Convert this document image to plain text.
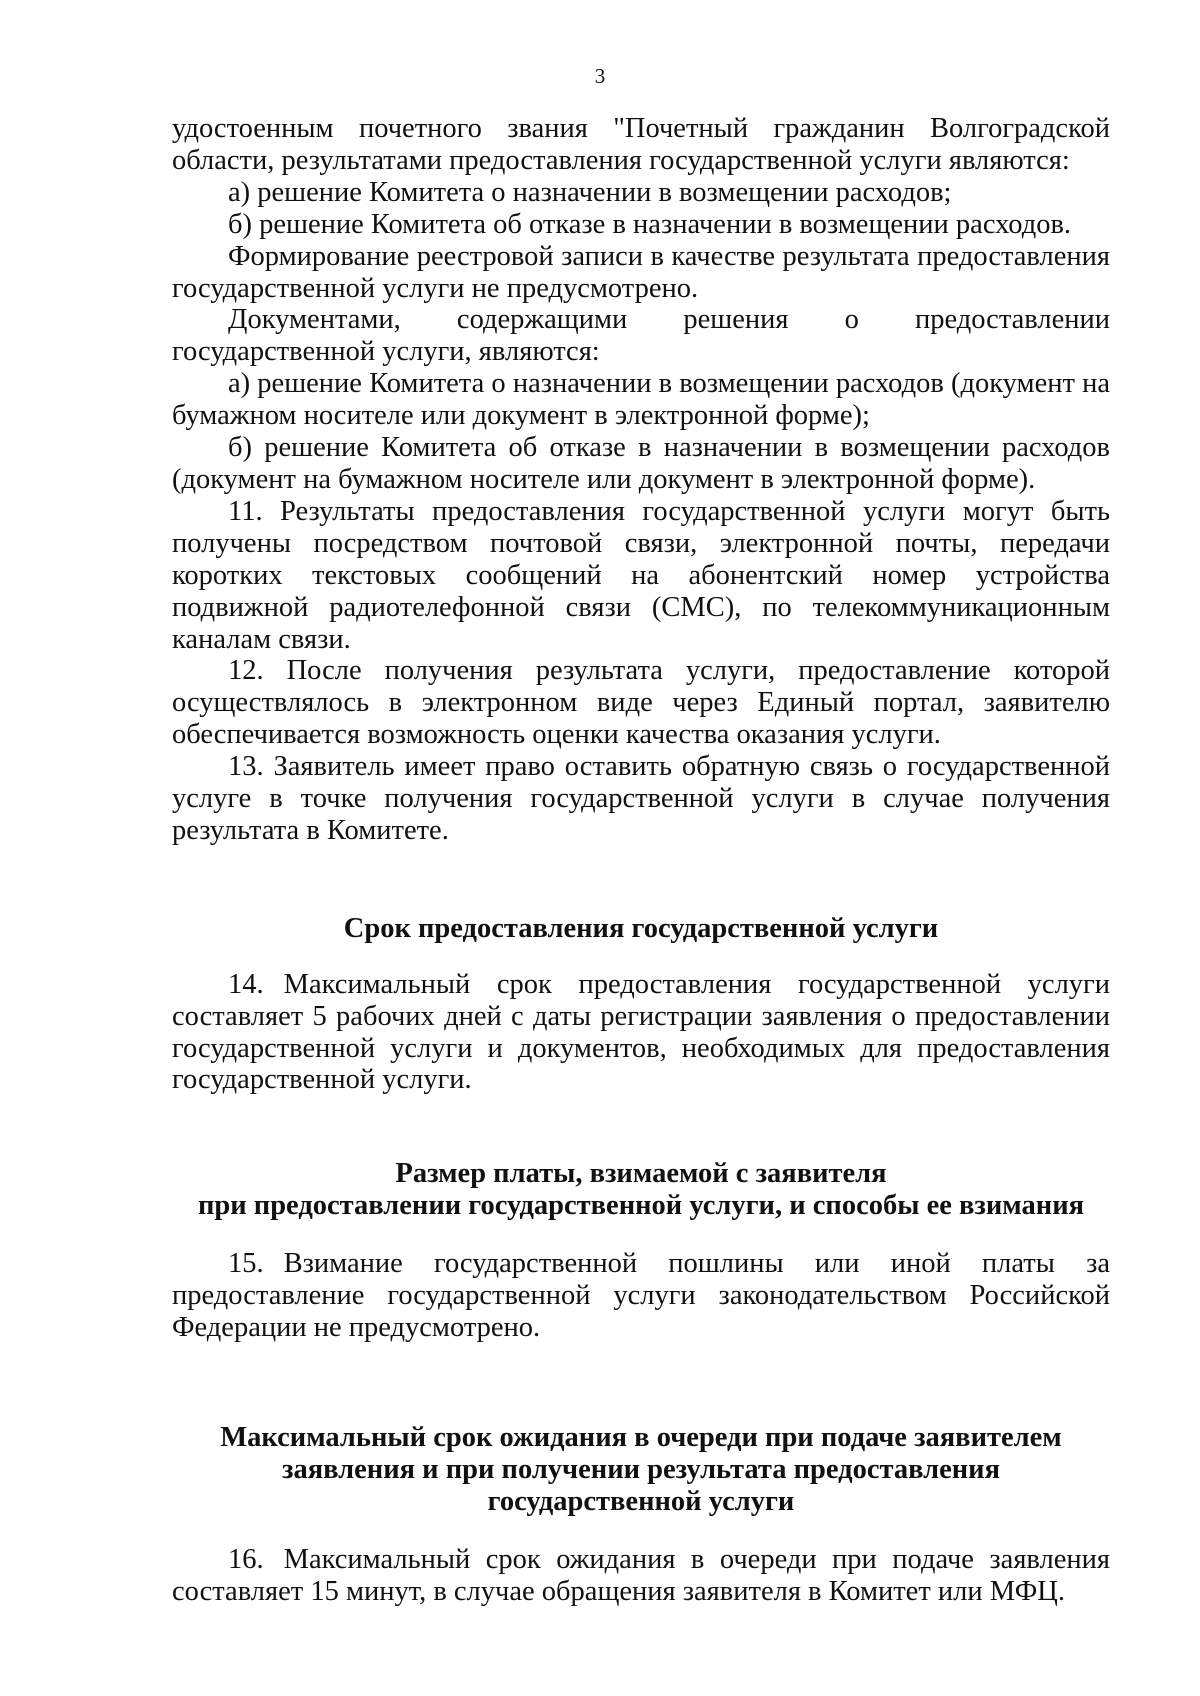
3

удостоенным почетного звания "Почетный гражданин Волгоградской области, результатами предоставления государственной услуги являются:

а) решение Комитета о назначении в возмещении расходов;

б) решение Комитета об отказе в назначении в возмещении расходов.

Формирование реестровой записи в качестве результата предоставления государственной услуги не предусмотрено.

Документами, содержащими решения о предоставлении государственной услуги, являются:

а) решение Комитета о назначении в возмещении расходов (документ на бумажном носителе или документ в электронной форме);

б) решение Комитета об отказе в назначении в возмещении расходов (документ на бумажном носителе или документ в электронной форме).

11. Результаты предоставления государственной услуги могут быть получены посредством почтовой связи, электронной почты, передачи коротких текстовых сообщений на абонентский номер устройства подвижной радиотелефонной связи (СМС), по телекоммуникационным каналам связи.

12. После получения результата услуги, предоставление которой осуществлялось в электронном виде через Единый портал, заявителю обеспечивается возможность оценки качества оказания услуги.

13. Заявитель имеет право оставить обратную связь о государственной услуге в точке получения государственной услуги в случае получения результата в Комитете.

Срок предоставления государственной услуги

14. Максимальный срок предоставления государственной услуги составляет 5 рабочих дней с даты регистрации заявления о предоставлении государственной услуги и документов, необходимых для предоставления государственной услуги.

Размер платы, взимаемой с заявителя

при предоставлении государственной услуги, и способы ее взимания

15. Взимание государственной пошлины или иной платы за предоставление государственной услуги законодательством Российской Федерации не предусмотрено.

Максимальный срок ожидания в очереди при подаче заявителем заявления и при получении результата предоставления государственной услуги

16. Максимальный срок ожидания в очереди при подаче заявления составляет 15 минут, в случае обращения заявителя в Комитет или МФЦ.
